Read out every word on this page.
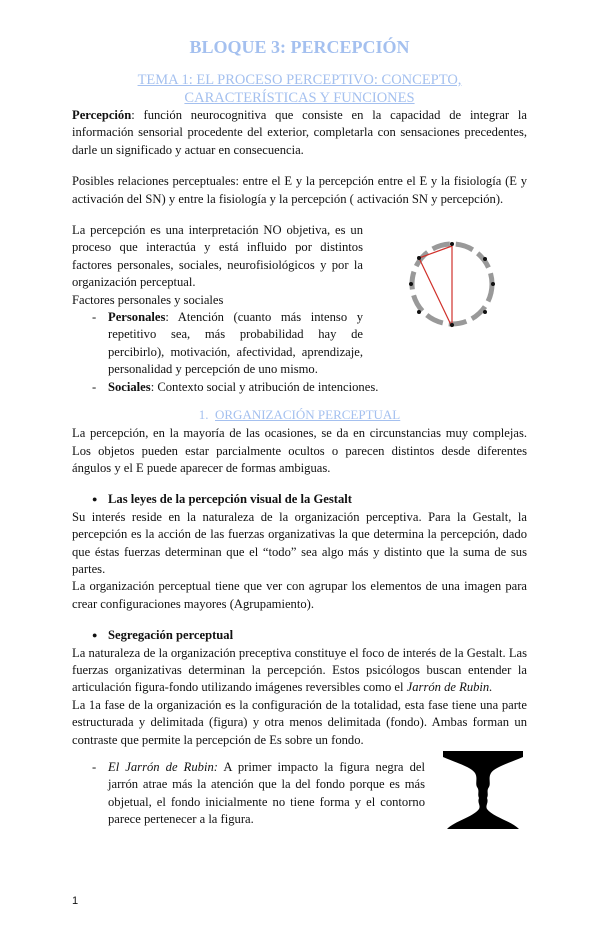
BLOQUE 3: PERCEPCIÓN
TEMA 1: EL PROCESO PERCEPTIVO: CONCEPTO,
CARACTERÍSTICAS Y FUNCIONES

Percepción: función neurocognitiva que consiste en la capacidad de integrar la información sensorial procedente del exterior, completarla con sensaciones precedentes, darle un significado y actuar en consecuencia.

Posibles relaciones perceptuales: entre el E y la percepción entre el E y la fisiología (E y activación del SN) y entre la fisiología y la percepción ( activación SN y percepción).

La percepción es una interpretación NO objetiva, es un proceso que interactúa y está influido por distintos factores personales, sociales, neurofisiológicos y por la organización perceptual.

Factores personales y sociales

- Personales: Atención (cuanto más intenso y repetitivo sea, más probabilidad hay de percibirlo), motivación, afectividad, aprendizaje, personalidad y percepción de uno mismo.
- Sociales: Contexto social y atribución de intenciones.
1. ORGANIZACIÓN PERCEPTUAL

La percepción, en la mayoría de las ocasiones, se da en circunstancias muy complejas. Los objetos pueden estar parcialmente ocultos o parecen distintos desde diferentes ángulos y el E puede aparecer de formas ambiguas.

● Las leyes de la percepción visual de la Gestalt

Su interés reside en la naturaleza de la organización perceptiva. Para la Gestalt, la percepción es la acción de las fuerzas organizativas la que determina la percepción, dado que éstas fuerzas determinan que el “todo” sea algo más y distinto que la suma de sus partes.

La organización perceptual tiene que ver con agrupar los elementos de una imagen para crear configuraciones mayores (Agrupamiento).

● Segregación perceptual

La naturaleza de la organización preceptiva constituye el foco de interés de la Gestalt. Las fuerzas organizativas determinan la percepción. Estos psicólogos buscan entender la articulación figura-fondo utilizando imágenes reversibles como el Jarrón de Rubin.

La 1a fase de la organización es la configuración de la totalidad, esta fase tiene una parte estructurada y delimitada (figura) y otra menos delimitada (fondo). Ambas forman un contraste que permite la percepción de Es sobre un fondo.

- El Jarrón de Rubin: A primer impacto la figura negra del jarrón atrae más la atención que la del fondo porque es más objetual, el fondo inicialmente no tiene forma y el contorno parece pertenecer a la figura.
1
